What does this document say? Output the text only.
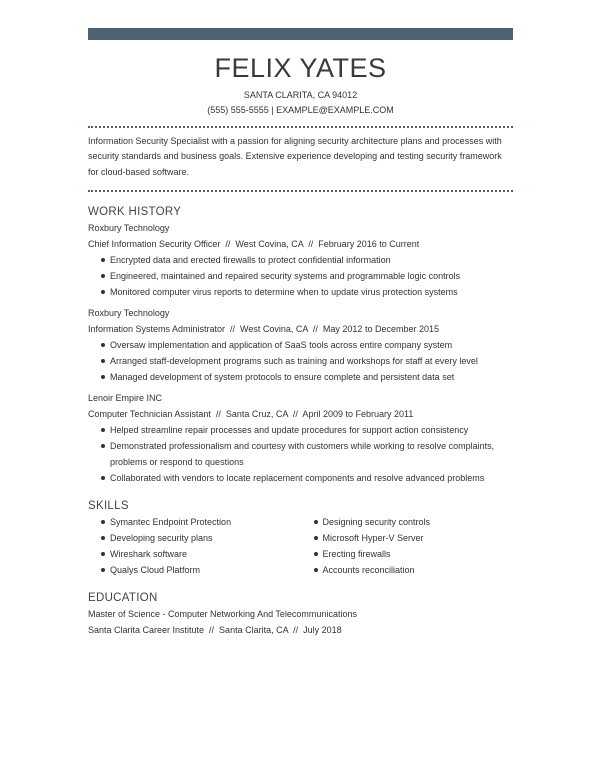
FELIX YATES
SANTA CLARITA, CA 94012
(555) 555-5555 | EXAMPLE@EXAMPLE.COM
Information Security Specialist with a passion for aligning security architecture plans and processes with security standards and business goals. Extensive experience developing and testing security framework for cloud-based software.
WORK HISTORY
Roxbury Technology
Chief Information Security Officer  //  West Covina, CA  //  February 2016 to Current
Encrypted data and erected firewalls to protect confidential information
Engineered, maintained and repaired security systems and programmable logic controls
Monitored computer virus reports to determine when to update virus protection systems
Roxbury Technology
Information Systems Administrator  //  West Covina, CA  //  May 2012 to December 2015
Oversaw implementation and application of SaaS tools across entire company system
Arranged staff-development programs such as training and workshops for staff at every level
Managed development of system protocols to ensure complete and persistent data set
Lenoir Empire INC
Computer Technician Assistant  //  Santa Cruz, CA  //  April 2009 to February 2011
Helped streamline repair processes and update procedures for support action consistency
Demonstrated professionalism and courtesy with customers while working to resolve complaints, problems or respond to questions
Collaborated with vendors to locate replacement components and resolve advanced problems
SKILLS
Symantec Endpoint Protection
Developing security plans
Wireshark software
Qualys Cloud Platform
Designing security controls
Microsoft Hyper-V Server
Erecting firewalls
Accounts reconciliation
EDUCATION
Master of Science - Computer Networking And Telecommunications
Santa Clarita Career Institute  //  Santa Clarita, CA  //  July 2018
